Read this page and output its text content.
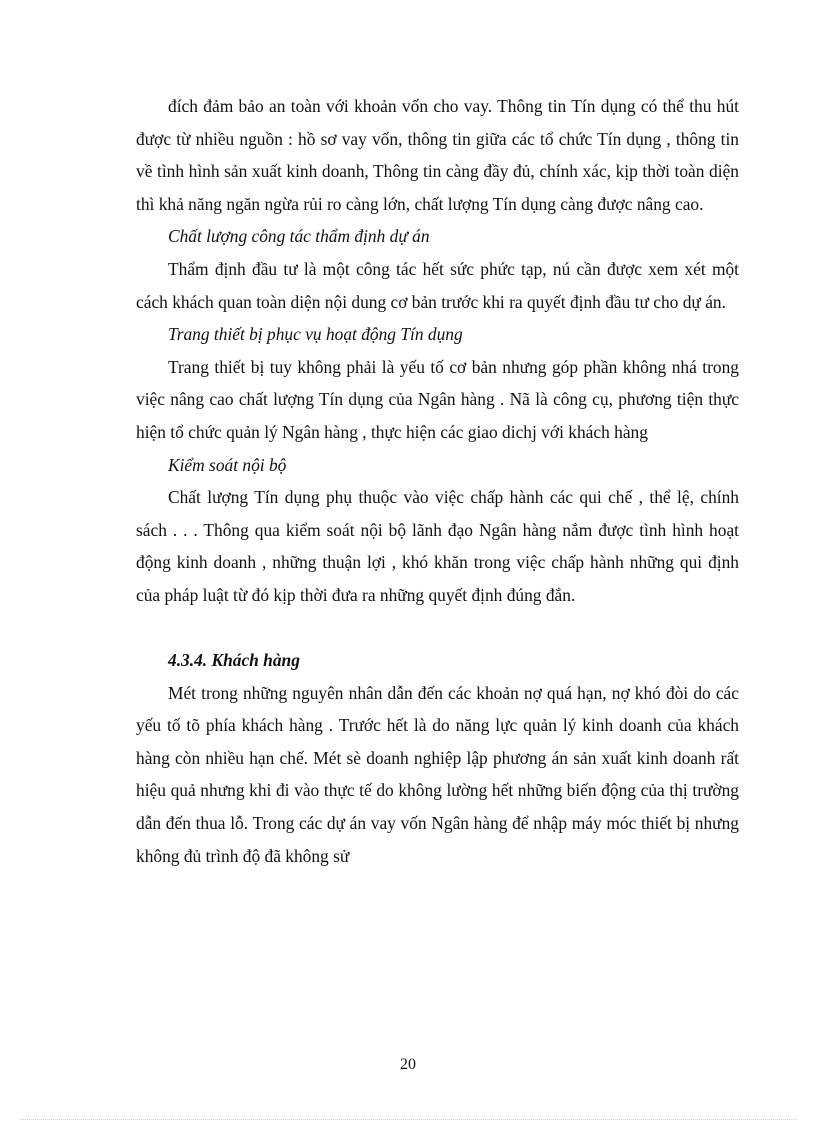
đích đảm bảo an toàn với khoản vốn cho vay. Thông tin Tín dụng có thể thu hút được từ nhiều nguồn : hồ sơ vay vốn, thông tin giữa các tổ chức Tín dụng , thông tin về tình hình sản xuất kinh doanh, Thông tin càng đầy đủ, chính xác, kịp thời toàn diện thì khả năng ngăn ngừa rủi ro càng lớn, chất lượng Tín dụng càng được nâng cao.

Chất lượng công tác thẩm định dự án

Thẩm định đầu tư là một công tác hết sức phức tạp, nú cần được xem xét một cách khách quan toàn diện nội dung cơ bản trước khi ra quyết định đầu tư cho dự án.

Trang thiết bị phục vụ hoạt động Tín dụng

Trang thiết bị tuy không phải là yếu tố cơ bản nhưng góp phần không nhá trong việc nâng cao chất lượng Tín dụng của Ngân hàng . Nã là công cụ, phương tiện thực hiện tổ chức quản lý Ngân hàng , thực hiện các giao dichj với khách hàng

Kiểm soát nội bộ

Chất lượng Tín dụng phụ thuộc vào việc chấp hành các qui chế , thể lệ, chính sách . . . Thông qua kiểm soát nội bộ lãnh đạo Ngân hàng nắm được tình hình hoạt động kinh doanh , những thuận lợi , khó khăn trong việc chấp hành những qui định của pháp luật từ đó kịp thời đưa ra những quyết định đúng đắn.

4.3.4. Khách hàng

Mét trong những nguyên nhân dẫn đến các khoản nợ quá hạn, nợ khó đòi do các yếu tố tõ phía khách hàng . Trước hết là do năng lực quản lý kinh doanh của khách hàng còn nhiều hạn chế. Mét sè doanh nghiệp lập phương án sản xuất kinh doanh rất hiệu quả nhưng khi đi vào thực tế do không lường hết những biến động của thị trường dẫn đến thua lỗ. Trong các dự án vay vốn Ngân hàng để nhập máy móc thiết bị nhưng không đủ trình độ đã không sử

20
